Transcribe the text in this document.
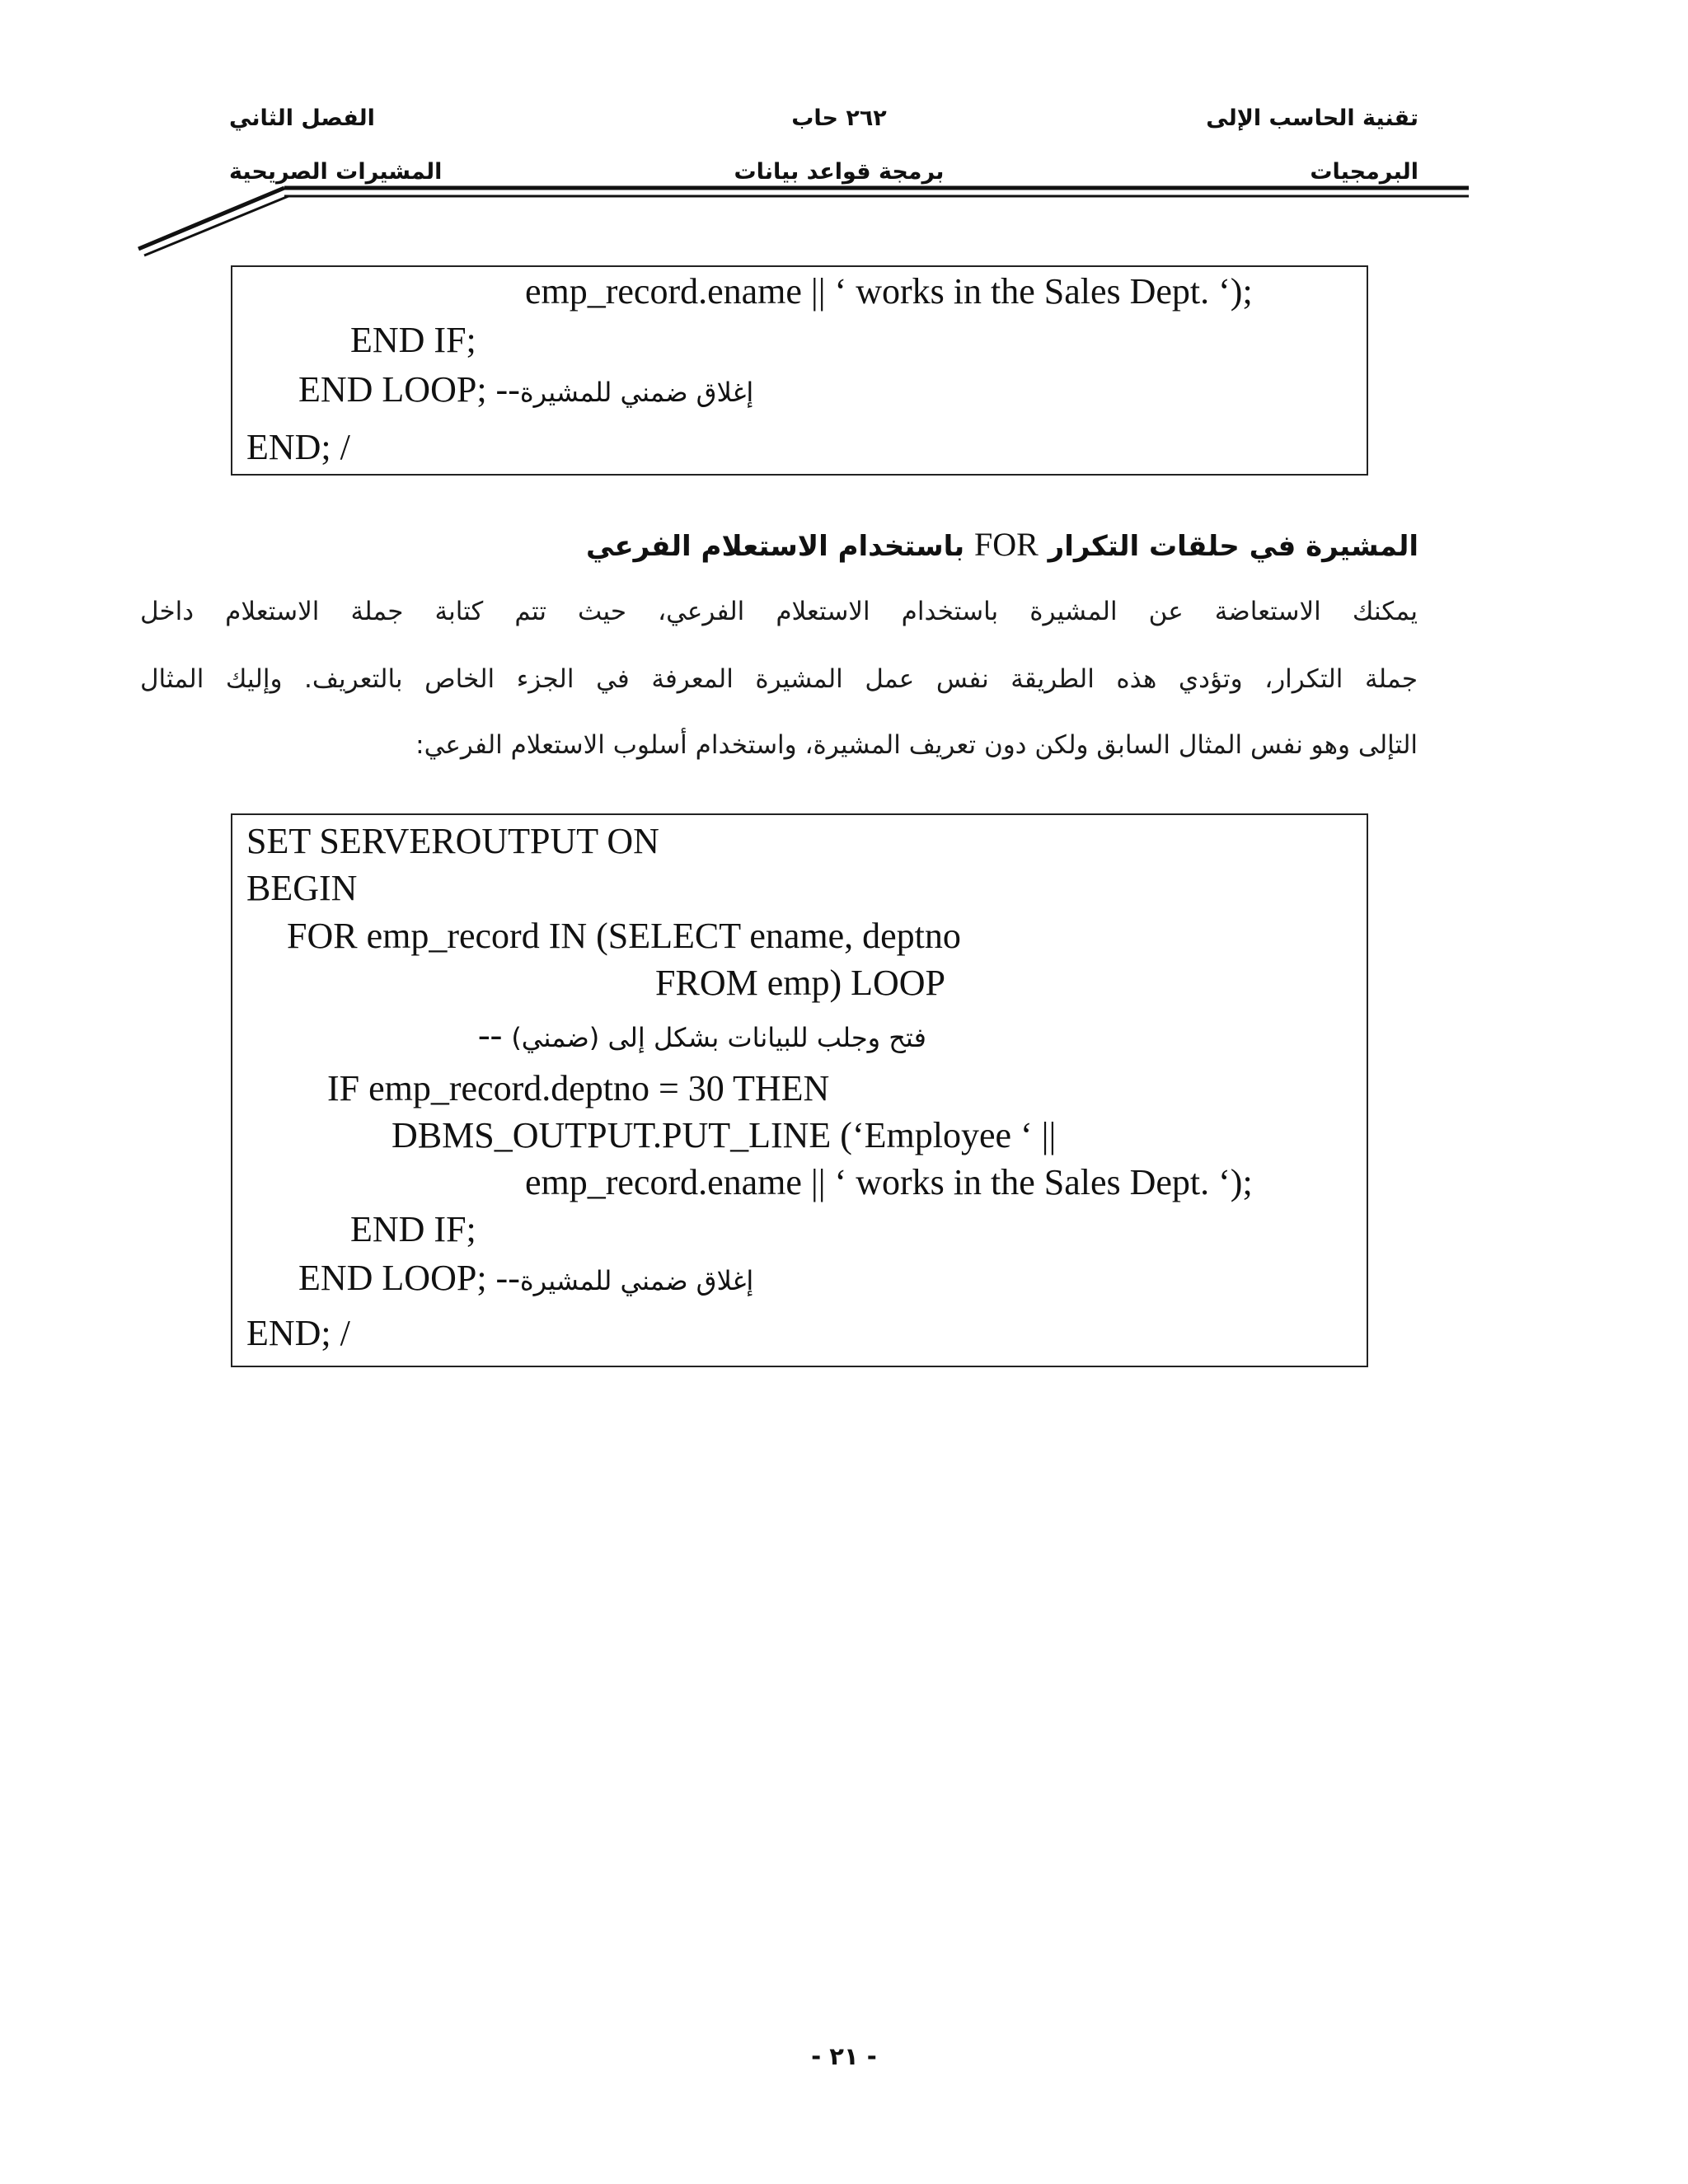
تقنية الحاسب الإلى
٢٦٢ حاب
الفصل الثاني
البرمجيات
برمجة قواعد بيانات
المشيرات الصريحية
emp_record.ename || ‘ works in the Sales Dept. ‘);
END IF;
END LOOP; --إغلاق ضمني للمشيرة
END; /
المشيرة في حلقات التكرار FOR باستخدام الاستعلام الفرعي
يمكنك الاستعاضة عن المشيرة باستخدام الاستعلام الفرعي، حيث تتم كتابة جملة الاستعلام داخل
جملة التكرار، وتؤدي هذه الطريقة نفس عمل المشيرة المعرفة في الجزء الخاص بالتعريف. وإليك المثال
التإلى وهو نفس المثال السابق ولكن دون تعريف المشيرة، واستخدام أسلوب الاستعلام الفرعي:
SET SERVEROUTPUT ON
BEGIN
FOR emp_record IN (SELECT ename, deptno
FROM emp) LOOP
-- فتح وجلب للبيانات بشكل إلى (ضمني)
IF emp_record.deptno = 30 THEN
DBMS_OUTPUT.PUT_LINE (‘Employee ‘ ||
emp_record.ename || ‘ works in the Sales Dept. ‘);
END IF;
END LOOP; --إغلاق ضمني للمشيرة
END; /
- ٢١ -
